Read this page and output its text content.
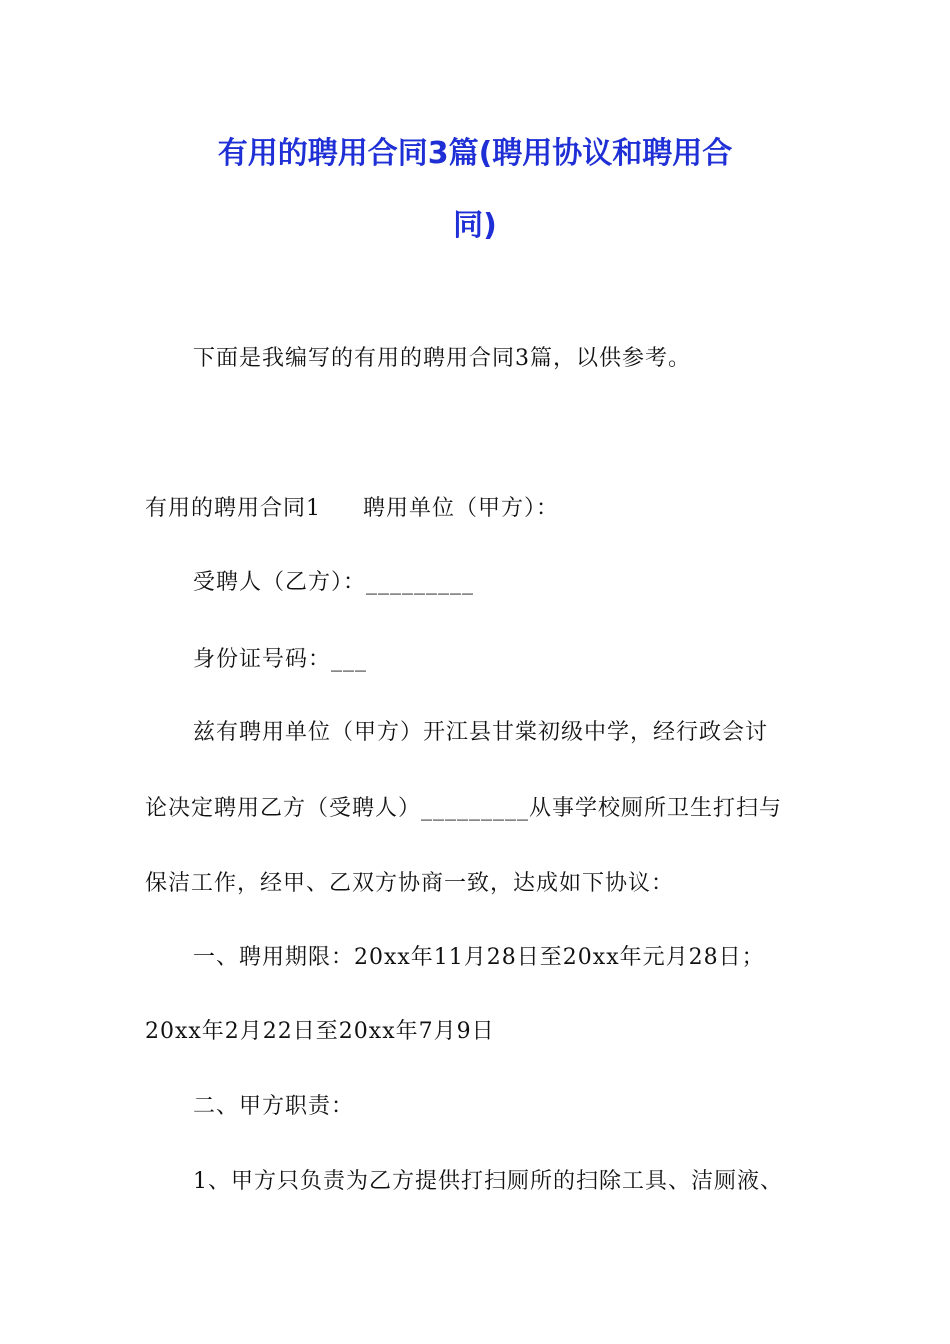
有用的聘用合同3篇(聘用协议和聘用合
同)
下面是我编写的有用的聘用合同3篇，以供参考。
有用的聘用合同1 聘用单位（甲方）：
受聘人（乙方）：_________
身份证号码：___
兹有聘用单位（甲方）开江县甘棠初级中学，经行政会讨
论决定聘用乙方（受聘人）_________从事学校厕所卫生打扫与
保洁工作，经甲、乙双方协商一致，达成如下协议：
一、聘用期限：20xx年11月28日至20xx年元月28日；
20xx年2月22日至20xx年7月9日
二、甲方职责：
1、甲方只负责为乙方提供打扫厕所的扫除工具、洁厕液、
